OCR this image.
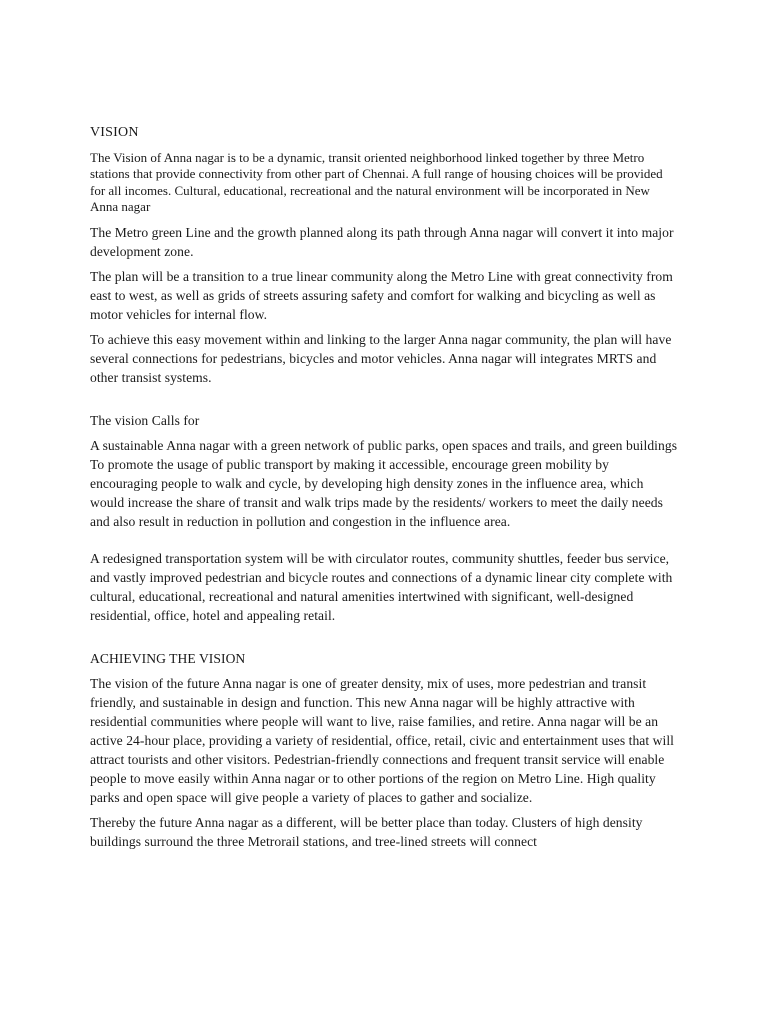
VISION

The Vision of Anna nagar is to be a dynamic, transit oriented neighborhood linked together by three Metro stations that provide connectivity from other part of Chennai. A full range of housing choices will be provided for all incomes. Cultural, educational, recreational and the natural environment will be incorporated in New Anna nagar

The Metro green Line and the growth planned along its path through Anna nagar will convert it into major development zone.

The plan will be a transition to a true linear community along the Metro Line with great connectivity from east to west, as well as grids of streets assuring safety and comfort for walking and bicycling as well as motor vehicles for internal flow.

To achieve this easy movement within and linking to the larger Anna nagar community, the plan will have several connections for pedestrians, bicycles and motor vehicles. Anna nagar will integrates MRTS and other transist systems.

The vision Calls for

A sustainable Anna nagar with a green network of public parks, open spaces and trails, and green buildings

To promote the usage of public transport by making it accessible, encourage green mobility by encouraging people to walk and cycle, by developing high density zones in the influence area, which would increase the share of transit and walk trips made by the residents/ workers to meet the daily needs and also result in reduction in pollution and congestion in the influence area.

A redesigned transportation system will be with circulator routes, community shuttles, feeder bus service, and vastly improved pedestrian and bicycle routes and connections of a dynamic linear city complete with cultural, educational, recreational and natural amenities intertwined with significant, well-designed residential, office, hotel and appealing retail.

ACHIEVING THE VISION

The vision of the future Anna nagar is one of greater density, mix of uses, more pedestrian and transit friendly, and sustainable in design and function. This new Anna nagar will be highly attractive with residential communities where people will want to live, raise families, and retire. Anna nagar will be an active 24-hour place, providing a variety of residential, office, retail, civic and entertainment uses that will attract tourists and other visitors. Pedestrian-friendly connections and frequent transit service will enable people to move easily within Anna nagar or to other portions of the region on Metro Line. High quality parks and open space will give people a variety of places to gather and socialize.

Thereby the future Anna nagar as a different, will be better place than today. Clusters of high density buildings surround the three Metrorail stations, and tree-lined streets will connect
